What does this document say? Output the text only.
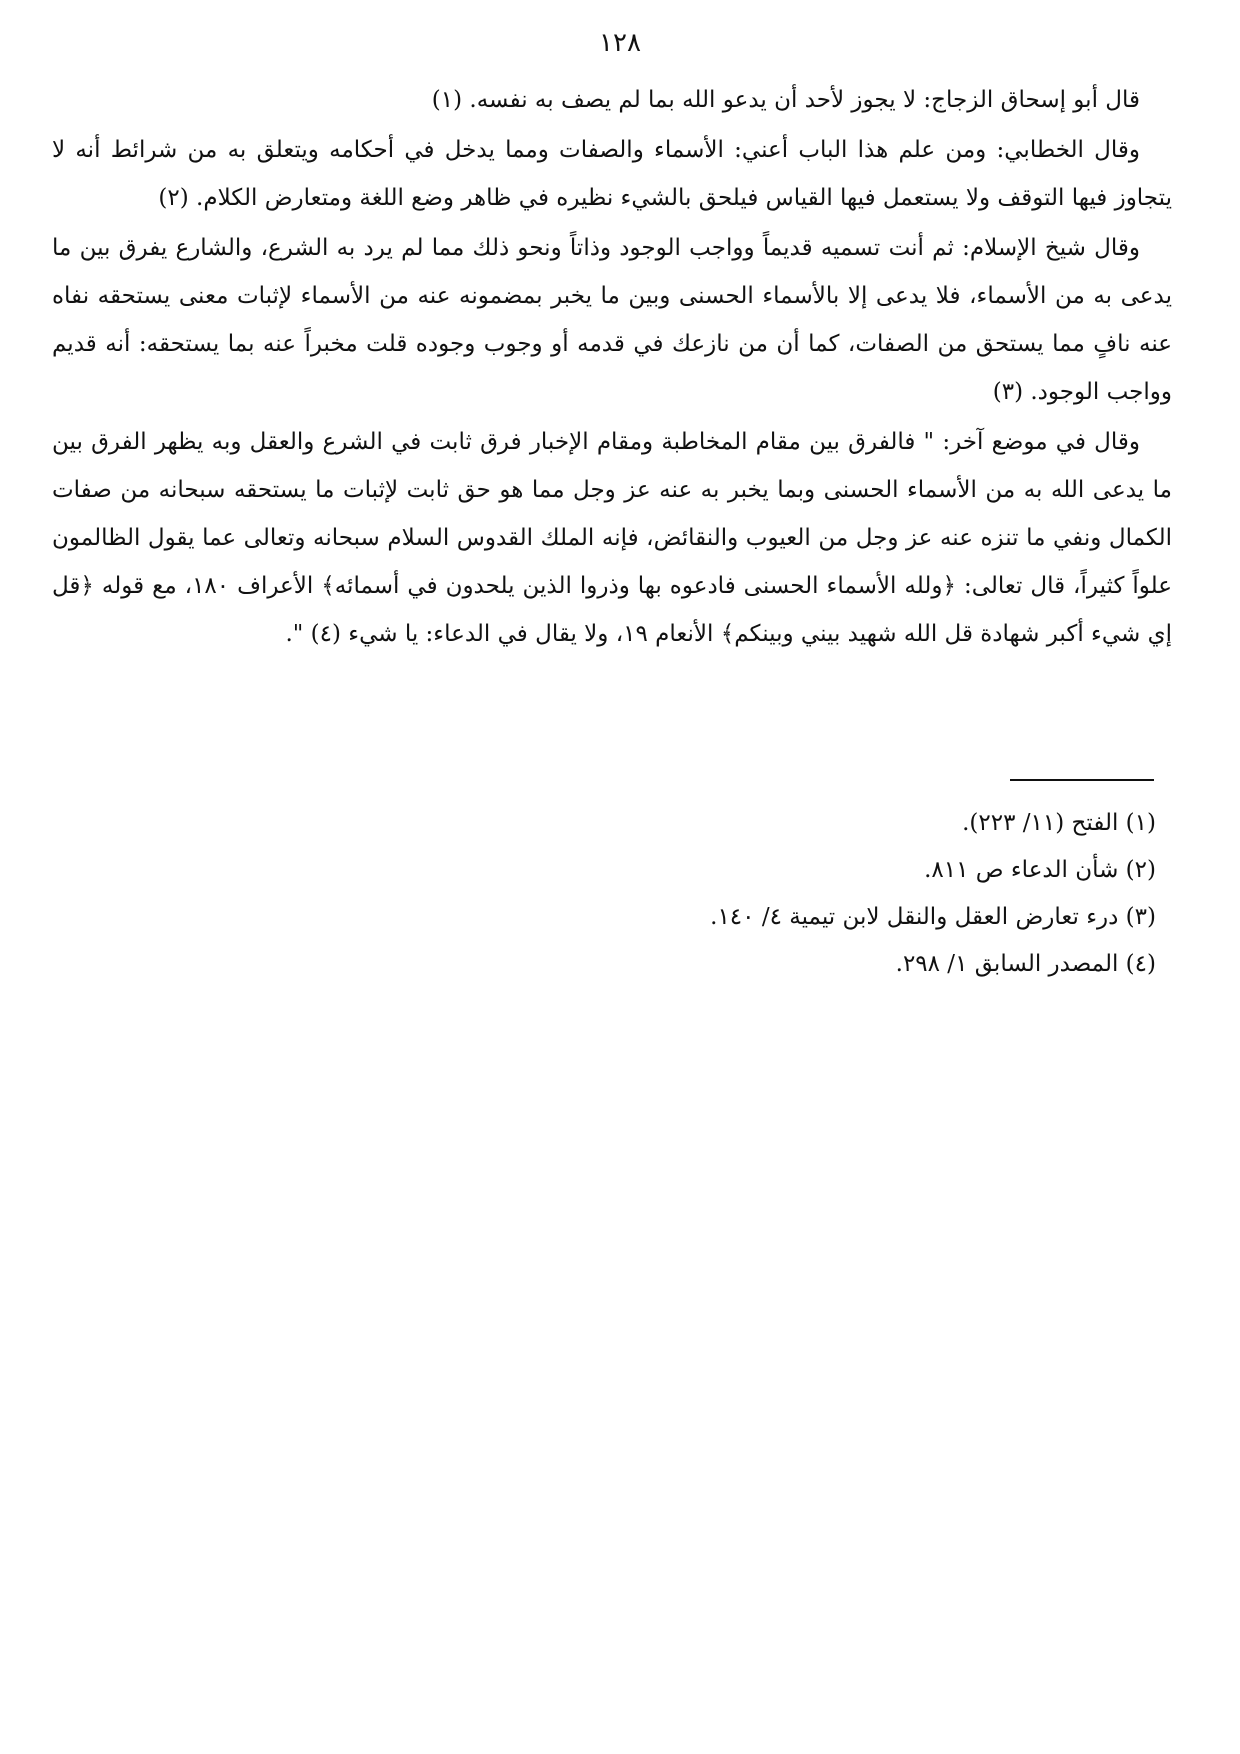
١٢٨

قال أبو إسحاق الزجاج: لا يجوز لأحد أن يدعو الله بما لم يصف به نفسه. (١)

وقال الخطابي: ومن علم هذا الباب أعني: الأسماء والصفات ومما يدخل في أحكامه ويتعلق به من شرائط أنه لا يتجاوز فيها التوقف ولا يستعمل فيها القياس فيلحق بالشيء نظيره في ظاهر وضع اللغة ومتعارض الكلام. (٢)

وقال شيخ الإسلام: ثم أنت تسميه قديماً وواجب الوجود وذاتاً ونحو ذلك مما لم يرد به الشرع، والشارع يفرق بين ما يدعى به من الأسماء، فلا يدعى إلا بالأسماء الحسنى وبين ما يخبر بمضمونه عنه من الأسماء لإثبات معنى يستحقه نفاه عنه نافٍ مما يستحق من الصفات، كما أن من نازعك في قدمه أو وجوب وجوده قلت مخبراً عنه بما يستحقه: أنه قديم وواجب الوجود. (٣)

وقال في موضع آخر: " فالفرق بين مقام المخاطبة ومقام الإخبار فرق ثابت في الشرع والعقل وبه يظهر الفرق بين ما يدعى الله به من الأسماء الحسنى وبما يخبر به عنه عز وجل مما هو حق ثابت لإثبات ما يستحقه سبحانه من صفات الكمال ونفي ما تنزه عنه عز وجل من العيوب والنقائض، فإنه الملك القدوس السلام سبحانه وتعالى عما يقول الظالمون علواً كثيراً، قال تعالى: ﴿ولله الأسماء الحسنى فادعوه بها وذروا الذين يلحدون في أسمائه﴾ الأعراف ١٨٠، مع قوله ﴿قل إي شيء أكبر شهادة قل الله شهيد بيني وبينكم﴾ الأنعام ١٩، ولا يقال في الدعاء: يا شيء (٤) ".

(١) الفتح (١١/ ٢٢٣).

(٢) شأن الدعاء ص ٨١١.

(٣) درء تعارض العقل والنقل لابن تيمية ٤/ ١٤٠.

(٤) المصدر السابق ١/ ٢٩٨.
